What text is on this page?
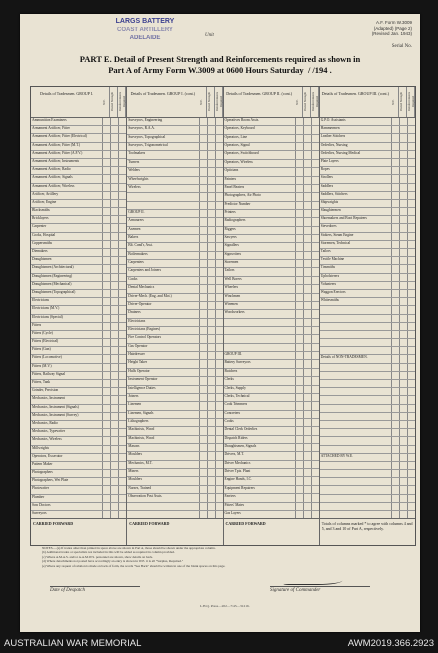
LARGS BATTERY
COAST ARTILLERY
ADELAIDE	Unit
A.F. Form W.3009
(Adapted) (Page 2)
(Revised Jan. 1943)
Serial No.
PART E. Detail of Present Strength and Reinforcements required as shown in
Part A of Army Form W.3009 at 0600 Hours Saturday / /194 .
Details of Tradesmen. GROUP I.
W.E.	Posted Strength	Reinforcements Required
Ammunition Examiners
Armament Artificer, Fitter
Armament Artificer, Fitter (Electrical)
Armament Artificer, Fitter (M.T.)
Armament Artificer, Fitter (A.F.V.)
Armament Artificer, Instruments
Armament Artificer, Radio
Armament Artificer, Signals
Armament Artificer, Wireless
Artificer, Artillery
Artificer, Engine
Blacksmiths
Bricklayers
Carpenter
Cooks, Hospital
Coppersmiths
Diemakers
Draughtsmen
Draughtsmen (Architectural)
Draughtsmen (Engineering)
Draughtsmen (Mechanical)
Draughtsmen (Topographical)
Electricians
Electricians (M.V.)
Electricians (Special)
Fitters
Fitters (Cycle)
Fitters (Electrical)
Fitters (Gun)
Fitters (Locomotive)
Fitters (M.V.)
Fitters, Railway Signal
Fitters, Tank
Grinder, Precision
Mechanics, Instrument
Mechanics, Instrument (Signals)
Mechanics, Instrument (Survey)
Mechanics, Radio
Mechanics, Typewriter
Mechanics, Wireless
Millwrights
Operators, Excavator
Pattern Maker
Photographers
Photographers, Wet Plate
Photowriter
Plumber
Saw Doctors
Surveyors
CARRIED FORWARD
Details of Tradesmen. GROUP I. (cont.)
W.E.	Posted Strength	Reinforcements Required
Surveyors, Engineering
Surveyors, R.A.A.
Surveyors, Topographical
Surveyors, Trigonometrical
Toolmakers
Turners
Welders
Wheelwrights
Wireless
GROUP II.
Armourers
Axemen
Bakers
Blt. Cond'r, Asst.
Boilermakers
Carpenters
Carpenters and Joiners
Cooks
Dental Mechanics
Driver-Mech. (Eng. and Mot.)
Driver-Operator
Drainers
Electricians
Electricians (Engines)
Fire Control Operators
Gas Operator
Hairdresser
Height Taker
Hulls Operator
Instrument Operator
Intelligence Duties
Joiners
Linemen
Linemen, Signals
Lithographers
Machinists, Wood
Machinists, Wood
Masons
Moulders
Mechanics, M.T.
Miners
Moulders
Nurses, Trained
Observation Post Assts.
CARRIED FORWARD
Details of Tradesmen. GROUP II. (cont.)
W.E.	Posted Strength	Reinforcements Required
Operatives Room Assts.
Operators, Keyboard
Operators, Line
Operators, Signal
Operators, Switchboard
Operators, Wireless
Opticians
Painters
Panel Beaters
Photographers, Air Photo
Predictor Number
Printers
Radiographers
Riggers
Sawyers
Signallers
Signwriters
Storemen
Tailors
Well Borers
Wheelers
Winchmen
Wiremen
Woodworkers
GROUP III.
Battery Surveyors
Butchers
Clerks
Clerks, Supply
Clerks, Technical
Cook Trimmers
Concreters
Cooks
Dental Clerk Orderlies
Dispatch Riders
Draughtsmen, Signals
Drivers, M.T.
Driver Mechanics
Driver Tpts. Plant
Engine Hands, I.C.
Equipment Repairers
Farriers
Fitters' Mates
Gas Layers
CARRIED FORWARD
Details of Tradesmen. GROUP III. (cont.)
W.E.	Posted Strength	Reinforcements Required
G.P.O. Assistants
Hammermen
Leather Stitchers
Orderlies, Nursing
Orderlies, Nursing Medical
Plate Layers
Ropes
Strollers
Saddlers
Saddlers, Stitchers
Shipwrights
Slaughtermen
Shoemakers and Boot Repairers
Stevedores
Stokers, Steam Engine
Storemen, Technical
Tailors
Textile Machine
Tinsmiths
Upholsterers
Volunteers
Waggon Erectors
Whitesmiths
Details of NON-TRADESMEN.
ATTACHED BY W.E.
Totals of columns marked * to agree with columns 4 and 5, and 3 and 10 of Part A, respectively.
NOTES.—(a) If trades other than printed in space above are shown in Part A, those should be shown under the appropriate column.
(b) Additional trades or specialists not included in this will be added as required in column provided.
(c) Where A.M.A.S. and/or A.A.M.W.S. personnel are shown, show details on back.
(d) Where detachments not posted have accordingly an entry is shown in W.E. it is all "Surplus, Required."
(e) Where any request of relation is made on back of form, the words "See Back" should be written in one of the blank spaces on this page.
Date of Despatch	Signature of Commander
L.H.Q. Press—202—7/43—31216.
AUSTRALIAN WAR MEMORIAL	AWM2019.366.2923
